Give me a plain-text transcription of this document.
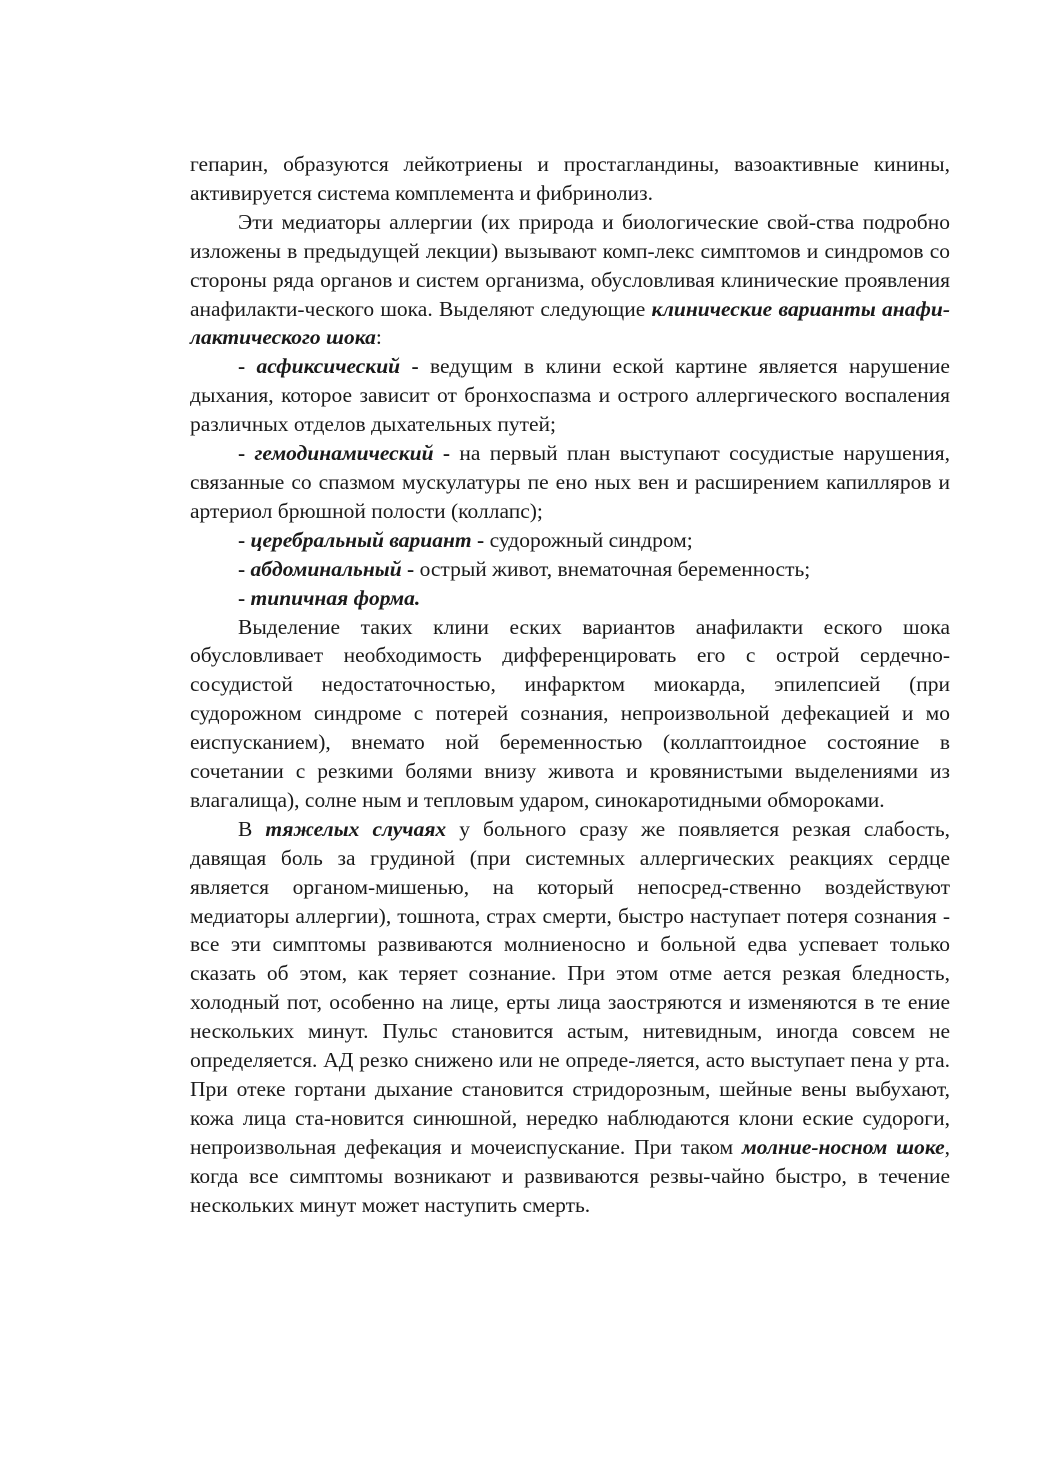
гепарин, образуются лейкотриены и простагландины, вазоактивные кинины, активируется система комплемента и фибринолиз.

Эти медиаторы аллергии (их природа и биологические свой-ства подробно изложены в предыдущей лекции) вызывают комп-лекс симптомов и синдромов со стороны ряда органов и систем организма, обусловливая клинические проявления анафилакти-ческого шока. Выделяют следующие клинические варианты анафи-лактического шока:

- асфиксический - ведущим в клини еской картине является нарушение дыхания, которое зависит от бронхоспазма и острого аллергического воспаления различных отделов дыхательных путей;

- гемодинамический - на первый план выступают сосудистые нарушения, связанные со спазмом мускулатуры пе ено ных вен и расширением капилляров и артериол брюшной полости (коллапс);

- церебральный вариант - судорожный синдром;

- абдоминальный - острый живот, внематочная беременность;

- типичная форма.

Выделение таких клини еских вариантов анафилакти еского шока обусловливает необходимость дифференцировать его с острой сердечно-сосудистой недостаточностью, инфарктом миокарда, эпилепсией (при судорожном синдроме с потерей сознания, непроизвольной дефекацией и мо еиспусканием), внемато ной беременностью (коллаптоидное состояние в сочетании с резкими болями внизу живота и кровянистыми выделениями из влагалища), солне ным и тепловым ударом, синокаротидными обмороками.

В тяжелых случаях у больного сразу же появляется резкая слабость, давящая боль за грудиной (при системных аллергических реакциях сердце является органом-мишенью, на который непосред-ственно воздействуют медиаторы аллергии), тошнота, страх смерти, быстро наступает потеря сознания - все эти симптомы развиваются молниеносно и больной едва успевает только сказать об этом, как теряет сознание. При этом отме ается резкая бледность, холодный пот, особенно на лице, ерты лица заостряются и изменяются в те ение нескольких минут. Пульс становится астым, нитевидным, иногда совсем не определяется. АД резко снижено или не опреде-ляется, асто выступает пена у рта. При отеке гортани дыхание становится стридорозным, шейные вены выбухают, кожа лица ста-новится синюшной, нередко наблюдаются клони еские судороги, непроизвольная дефекация и мочеиспускание. При таком молние-носном шоке, когда все симптомы возникают и развиваются резвы-чайно быстро, в течение нескольких минут может наступить смерть.
